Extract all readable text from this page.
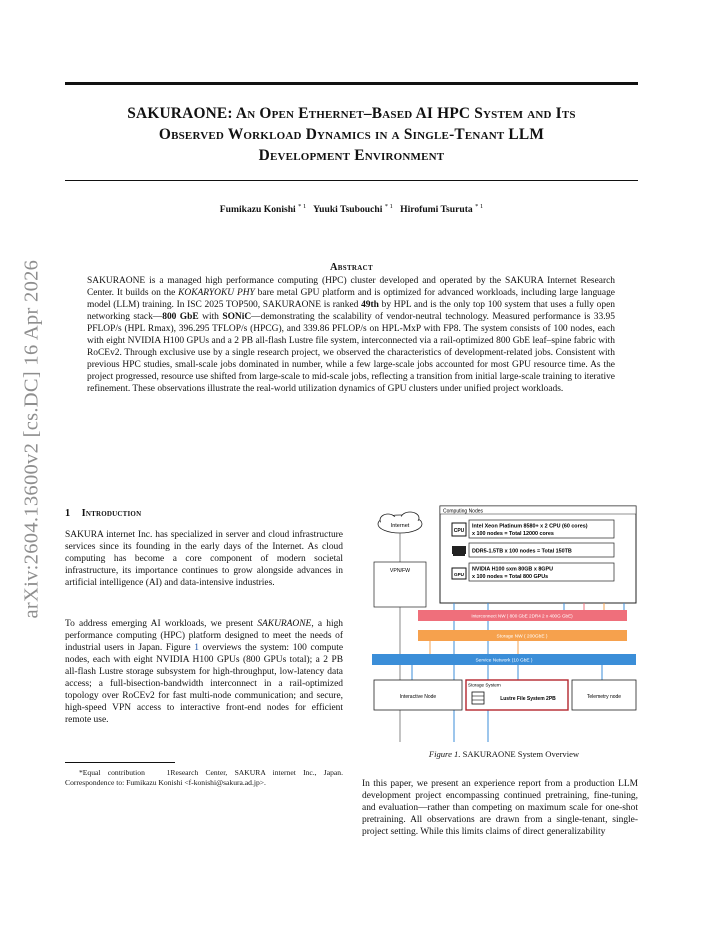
SAKURAONE: An Open Ethernet–Based AI HPC System and Its
Observed Workload Dynamics in a Single-Tenant LLM
Development Environment
Fumikazu Konishi $^{* 1}$ Yuuki Tsubouchi $^{* 1}$ Hirofumi Tsuruta $^{* 1}$
arXiv:2604.13600v2 [cs.DC] 16 Apr 2026	Abstract
SAKURAONE is a managed high performance computing (HPC) cluster developed and operated by the SAKURA Internet Research Center. It builds on the KOKARYOKU PHY bare metal GPU platform and is optimized for advanced workloads, including large language model (LLM) training. In ISC 2025 TOP500, SAKURAONE is ranked 49th by HPL and is the only top 100 system that uses a fully open networking stack—800 GbE with SONiC—demonstrating the scalability of vendor-neutral technology. Measured performance is 33.95 PFLOP/s (HPL Rmax), 396.295 TFLOP/s (HPCG), and 339.86 PFLOP/s on HPL-MxP with FP8. The system consists of 100 nodes, each with eight NVIDIA H100 GPUs and a 2 PB all-flash Lustre file system, interconnected via a rail-optimized 800 GbE leaf–spine fabric with RoCEv2. Through exclusive use by a single research project, we observed the characteristics of development-related jobs. Consistent with previous HPC studies, small-scale jobs dominated in number, while a few large-scale jobs accounted for most GPU resource time. As the project progressed, resource use shifted from large-scale to mid-scale jobs, reflecting a transition from initial large-scale training to iterative refinement. These observations illustrate the real-world utilization dynamics of GPU clusters under unified project workloads.
1 Introduction
SAKURA internet Inc. has specialized in server and cloud infrastructure services since its founding in the early days of the Internet. As cloud computing has become a core component of modern societal infrastructure, its importance continues to grow alongside advances in artificial intelligence (AI) and data-intensive industries.
To address emerging AI workloads, we present SAKURAONE, a high performance computing (HPC) platform designed to meet the needs of industrial users in Japan. Figure 1 overviews the system: 100 compute nodes, each with eight NVIDIA H100 GPUs (800 GPUs total); a 2 PB all-flash Lustre storage subsystem for high-throughput, low-latency data access; a full-bisection-bandwidth interconnect in a rail-optimized topology over RoCEv2 for fast multi-node communication; and secure, high-speed VPN access to interactive front-end nodes for efficient remote use.
*Equal contribution	1Research Center, SAKURA internet Inc., Japan. Correspondence to: Fumikazu Konishi <f-konishi@sakura.ad.jp>.
Internet
VPN/FW
Computing Nodes
CPU
Intel Xeon Platinum 8580+ x 2 CPU (60 cores)
x 100 nodes = Total 12000 cores
DDR5-1.5TB x 100 nodes = Total 150TB
GPU
NVIDIA H100 sxm 80GB x 8GPU
x 100 nodes = Total 800 GPUs
Interconnect NW ( 800 GbE 2DR4 2 x 400G GbE)
Storage NW ( 200GbE )
Service Network (10 GbE )
Interactive Node
Storage System
Lustre File System 2PB	Telemetry node
Figure 1. SAKURAONE System Overview
In this paper, we present an experience report from a production LLM development project encompassing continued pretraining, fine-tuning, and evaluation—rather than competing on maximum scale for one-shot pretraining. All observations are drawn from a single-tenant, single-project setting. While this limits claims of direct generalizability
